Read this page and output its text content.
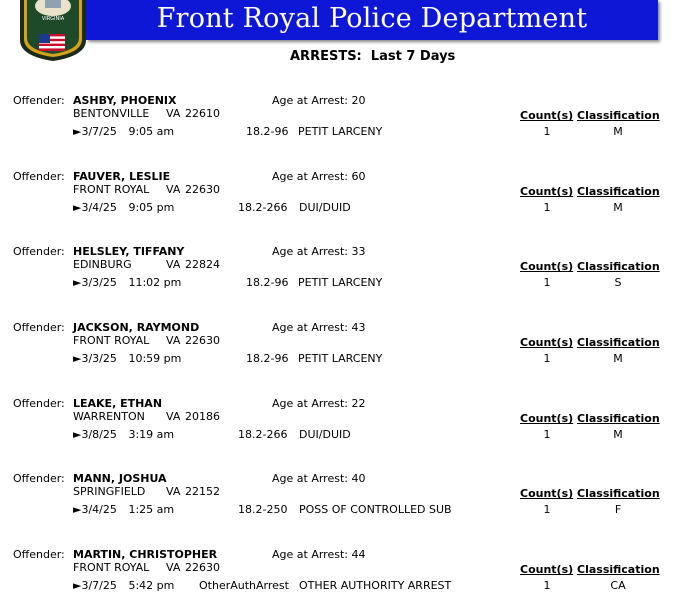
Front Royal Police Department
VIRGINIA
ARRESTS:  Last 7 Days
Offender: ASHBY, PHOENIX	Age at Arrest: 20
BENTONVILLE VA 22610
►3/7/25 9:05 am	18.2-96 PETIT LARCENY
Count(s) Classification
1	M
Offender: FAUVER, LESLIE	Age at Arrest: 60
FRONT ROYAL VA 22630
►3/4/25 9:05 pm	18.2-266 DUI/DUID
Count(s) Classification
1	M
Offender: HELSLEY, TIFFANY	Age at Arrest: 33
EDINBURG	VA 22824
►3/3/25 11:02 pm	18.2-96 PETIT LARCENY
Count(s) Classification
1	S
Offender: JACKSON, RAYMOND	Age at Arrest: 43
FRONT ROYAL VA 22630
►3/3/25 10:59 pm	18.2-96 PETIT LARCENY
Count(s) Classification
1	M
Offender: LEAKE, ETHAN	Age at Arrest: 22
WARRENTON VA 20186
►3/8/25 3:19 am	18.2-266 DUI/DUID
Count(s) Classification
1	M
Offender: MANN, JOSHUA	Age at Arrest: 40
SPRINGFIELD VA 22152
►3/4/25 1:25 am	18.2-250 POSS OF CONTROLLED SUB
Count(s) Classification
1	F
Offender: MARTIN, CHRISTOPHER	Age at Arrest: 44
FRONT ROYAL VA 22630
►3/7/25 5:42 pm OtherAuthArrest OTHER AUTHORITY ARREST
Count(s) Classification
1	CA
